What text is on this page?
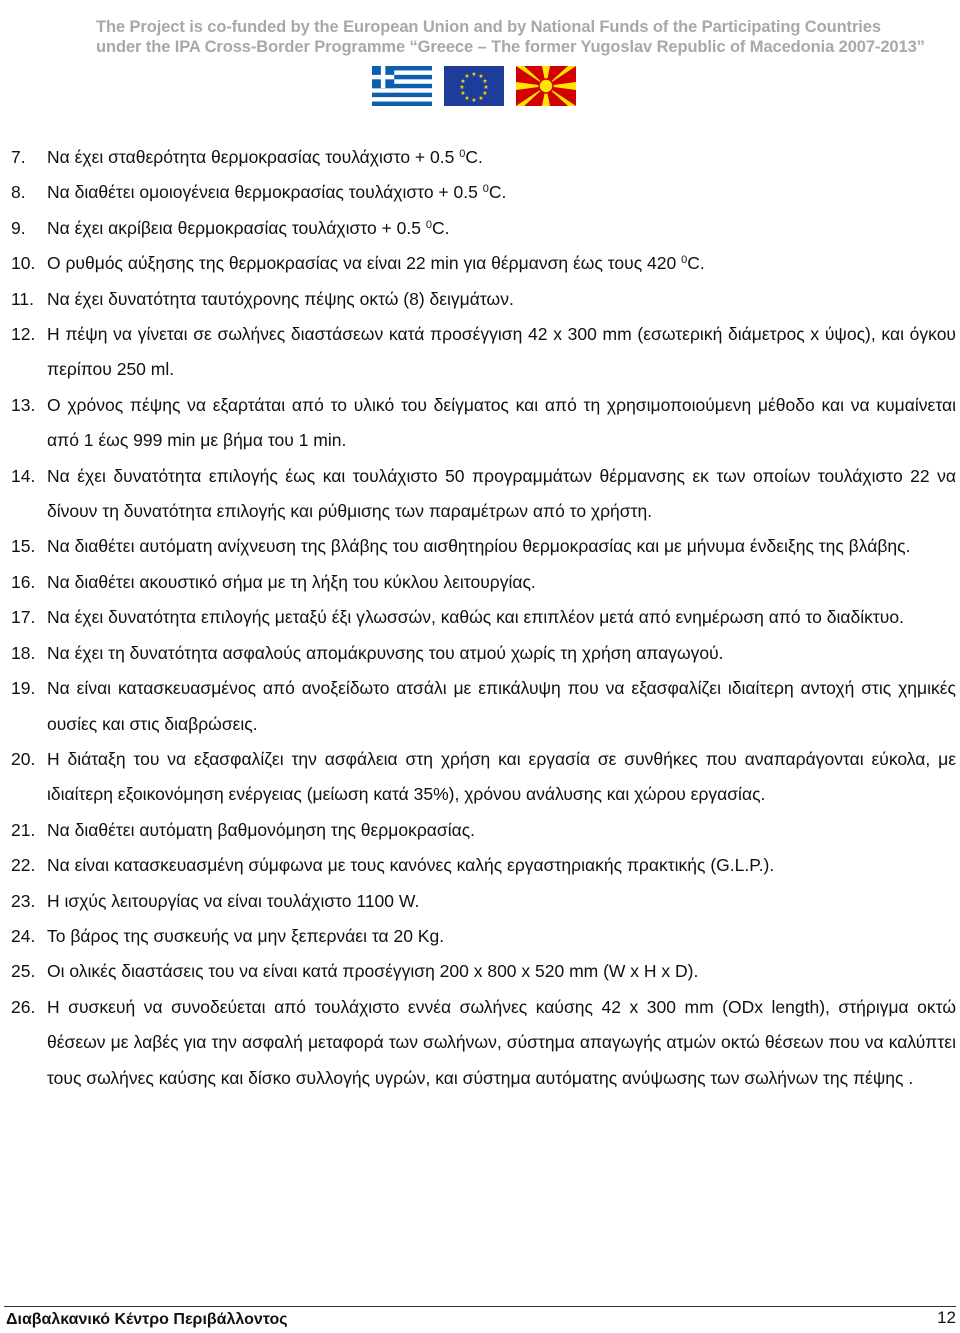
The Project is co-funded by the European Union and by National Funds of the Participating Countries
under the IPA Cross-Border Programme “Greece – The former Yugoslav Republic of Macedonia 2007-2013”
★ ★
★
★
★
★
★
★
★
★
★
★
7. Να έχει σταθερότητα θερμοκρασίας τουλάχιστο + 0.5 $^0$C.
8. Να διαθέτει ομοιογένεια θερμοκρασίας τουλάχιστο + 0.5 $^0$C.
9. Να έχει ακρίβεια θερμοκρασίας τουλάχιστο + 0.5 $^0$C.
10. Ο ρυθμός αύξησης της θερμοκρασίας να είναι 22 min για θέρμανση έως τους 420 $^0$C.
11. Να έχει δυνατότητα ταυτόχρονης πέψης οκτώ (8) δειγμάτων.
12. Η πέψη να γίνεται σε σωλήνες διαστάσεων κατά προσέγγιση 42 x 300 mm (εσωτερική διάμετρος x ύψος), και όγκου περίπου 250 ml.
13. Ο χρόνος πέψης να εξαρτάται από το υλικό του δείγματος και από τη χρησιμοποιούμενη μέθοδο και να κυμαίνεται από 1 έως 999 min με βήμα του 1 min.
14. Να έχει δυνατότητα επιλογής έως και τουλάχιστο 50 προγραμμάτων θέρμανσης εκ των οποίων τουλάχιστο 22 να δίνουν τη δυνατότητα επιλογής και ρύθμισης των παραμέτρων από το χρήστη.
15. Να διαθέτει αυτόματη ανίχνευση της βλάβης του αισθητηρίου θερμοκρασίας και με μήνυμα ένδειξης της βλάβης.
16. Να διαθέτει ακουστικό σήμα με τη λήξη του κύκλου λειτουργίας.
17. Να έχει δυνατότητα επιλογής μεταξύ έξι γλωσσών, καθώς και επιπλέον μετά από ενημέρωση από το διαδίκτυο.
18. Να έχει τη δυνατότητα ασφαλούς απομάκρυνσης του ατμού χωρίς τη χρήση απαγωγού.
19. Να είναι κατασκευασμένος από ανοξείδωτο ατσάλι με επικάλυψη που να εξασφαλίζει ιδιαίτερη αντοχή στις χημικές ουσίες και στις διαβρώσεις.
20. Η διάταξη του να εξασφαλίζει την ασφάλεια στη χρήση και εργασία σε συνθήκες που αναπαράγονται εύκολα, με ιδιαίτερη εξοικονόμηση ενέργειας (μείωση κατά 35%), χρόνου ανάλυσης και χώρου εργασίας.
21. Να διαθέτει αυτόματη βαθμονόμηση της θερμοκρασίας.
22. Να είναι κατασκευασμένη σύμφωνα με τους κανόνες καλής εργαστηριακής πρακτικής (G.L.P.).
23. Η ισχύς λειτουργίας να είναι τουλάχιστο 1100 W.
24. Το βάρος της συσκευής να μην ξεπερνάει τα 20 Kg.
25. Οι ολικές διαστάσεις του να είναι κατά προσέγγιση 200 x 800 x 520 mm (W x H x D).
26. Η συσκευή να συνοδεύεται από τουλάχιστο εννέα σωλήνες καύσης 42 x 300 mm (ODx length), στήριγμα οκτώ θέσεων με λαβές για την ασφαλή μεταφορά των σωλήνων, σύστημα απαγωγής ατμών οκτώ θέσεων που να καλύπτει τους σωλήνες καύσης και δίσκο συλλογής υγρών, και σύστημα αυτόματης ανύψωσης των σωλήνων της πέψης .
Διαβαλκανικό Κέντρο Περιβάλλοντος	12
